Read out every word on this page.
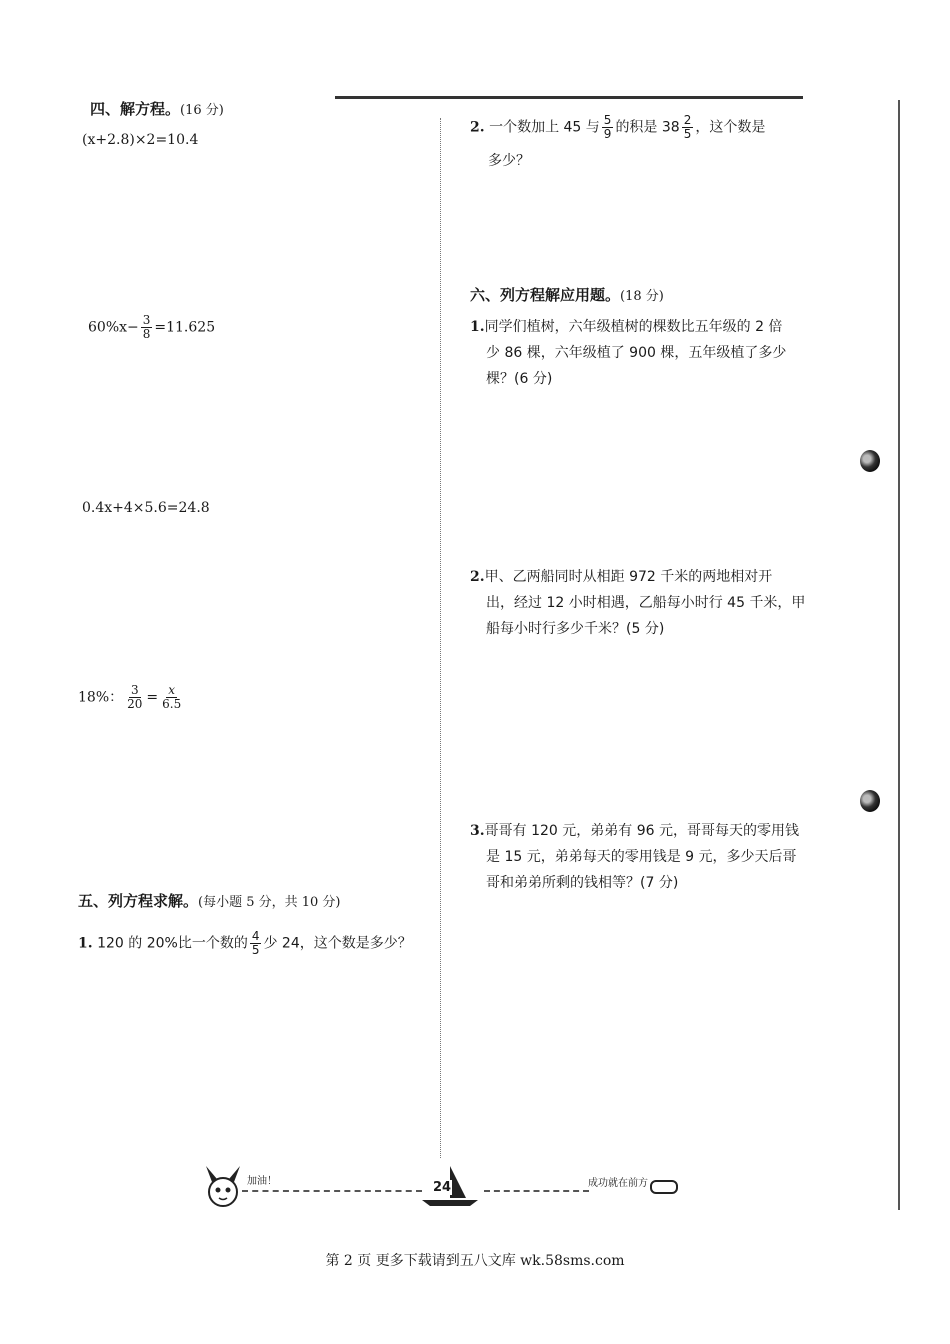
四、解方程。(16 分)
(x+2.8)×2=10.4
$60\%x- \frac{3}{8} =11.625$
0.4x+4×5.6=24.8
18%： $\frac{3}{20} = \frac{x}{6.5}$
五、列方程求解。(每小题 5 分，共 10 分)
1. 120 的 20%比一个数的 $\frac{4}{5}$ 少 24，这个数是多少？
2. 一个数加上 45 与 $\frac{5}{9}$ 的积是 $38 \frac{2}{5}$ ，这个数是
多少？
六、列方程解应用题。(18 分)
1.同学们植树，六年级植树的棵数比五年级的 2 倍
少 86 棵，六年级植了 900 棵，五年级植了多少
棵？(6 分)
2.甲、乙两船同时从相距 972 千米的两地相对开
出，经过 12 小时相遇，乙船每小时行 45 千米，甲
船每小时行多少千米？(5 分)
3.哥哥有 120 元，弟弟有 96 元，哥哥每天的零用钱
是 15 元，弟弟每天的零用钱是 9 元，多少天后哥
哥和弟弟所剩的钱相等？(7 分)
加油！	24	成功就在前方
第 2 页 更多下载请到五八文库 wk.58sms.com
